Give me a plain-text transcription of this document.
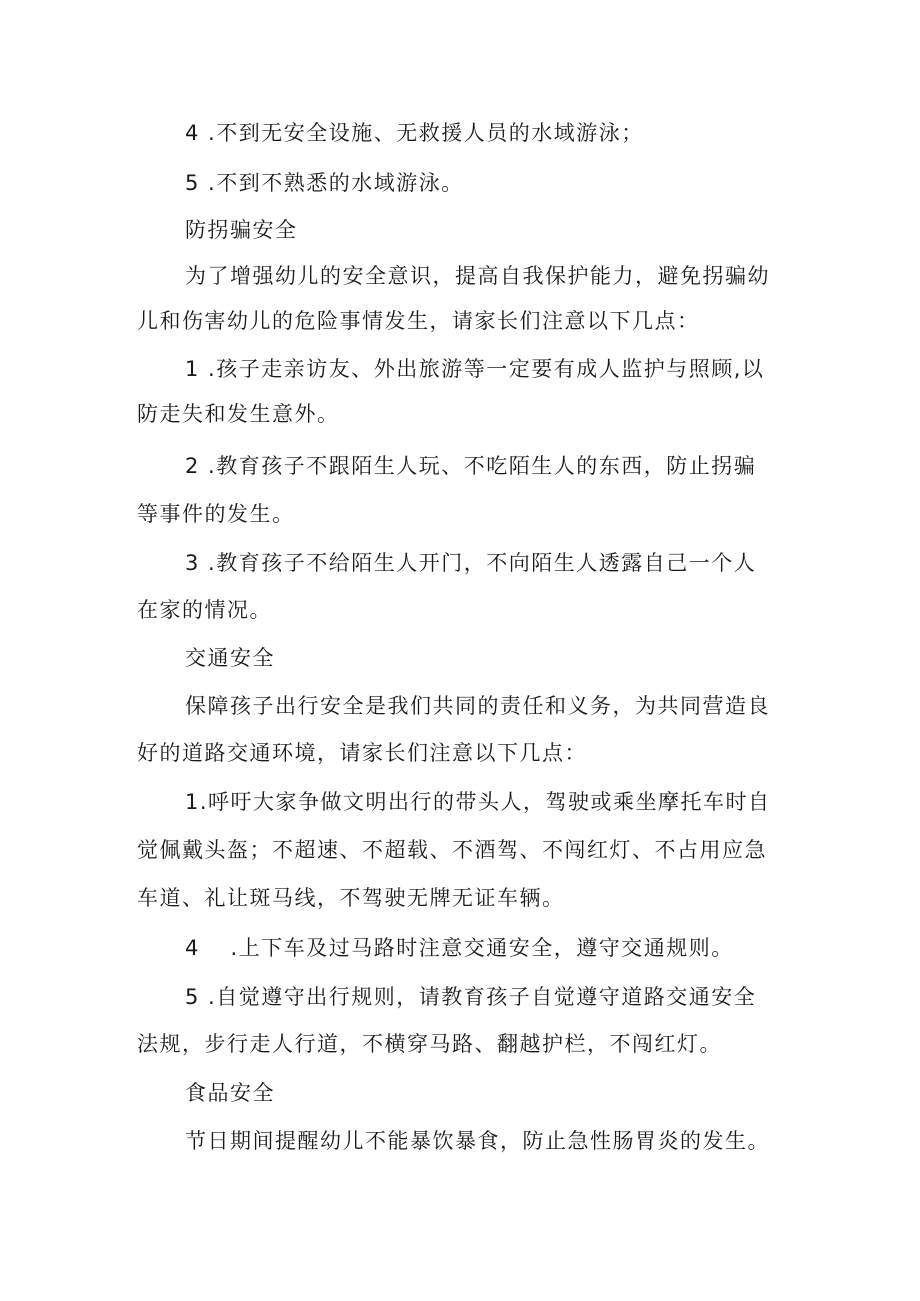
4 .不到无安全设施、无救援人员的水域游泳；
5 .不到不熟悉的水域游泳。
防拐骗安全
为了增强幼儿的安全意识，提高自我保护能力，避免拐骗幼
儿和伤害幼儿的危险事情发生，请家长们注意以下几点：
1 .孩子走亲访友、外出旅游等一定要有成人监护与照顾,以
防走失和发生意外。
2 .教育孩子不跟陌生人玩、不吃陌生人的东西，防止拐骗
等事件的发生。
3 .教育孩子不给陌生人开门，不向陌生人透露自己一个人
在家的情况。
交通安全
保障孩子出行安全是我们共同的责任和义务，为共同营造良
好的道路交通环境，请家长们注意以下几点：
1.呼吁大家争做文明出行的带头人，驾驶或乘坐摩托车时自
觉佩戴头盔；不超速、不超载、不酒驾、不闯红灯、不占用应急
车道、礼让斑马线，不驾驶无牌无证车辆。
4 　.上下车及过马路时注意交通安全，遵守交通规则。
5 .自觉遵守出行规则，请教育孩子自觉遵守道路交通安全
法规，步行走人行道，不横穿马路、翻越护栏，不闯红灯。
食品安全
节日期间提醒幼儿不能暴饮暴食，防止急性肠胃炎的发生。
